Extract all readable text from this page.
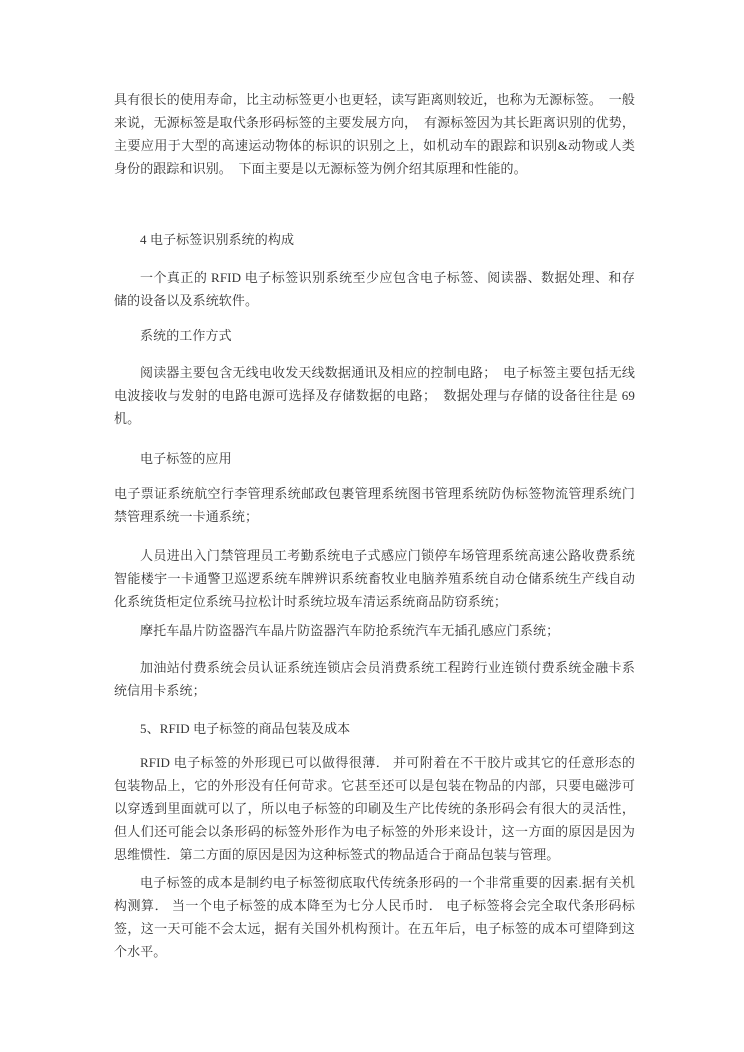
具有很长的使用寿命，比主动标签更小也更轻，读写距离则较近，也称为无源标签。　一般来说，无源标签是取代条形码标签的主要发展方向，　有源标签因为其长距离识别的优势，主要应用于大型的高速运动物体的标识的识别之上，如机动车的跟踪和识别&动物或人类身份的跟踪和识别。　下面主要是以无源标签为例介绍其原理和性能的。

4 电子标签识别系统的构成

一个真正的 RFID 电子标签识别系统至少应包含电子标签、阅读器、数据处理、和存储的设备以及系统软件。

系统的工作方式

阅读器主要包含无线电收发天线数据通讯及相应的控制电路；　电子标签主要包括无线电波接收与发射的电路电源可选择及存储数据的电路；　数据处理与存储的设备往往是 69 机。

电子标签的应用

电子票证系统航空行李管理系统邮政包裹管理系统图书管理系统防伪标签物流管理系统门禁管理系统一卡通系统；

人员进出入门禁管理员工考勤系统电子式感应门锁停车场管理系统高速公路收费系统智能楼宇一卡通警卫巡逻系统车牌辨识系统畜牧业电脑养殖系统自动仓储系统生产线自动化系统货柜定位系统马拉松计时系统垃圾车清运系统商品防窃系统；

摩托车晶片防盗器汽车晶片防盗器汽车防抢系统汽车无插孔感应门系统；

加油站付费系统会员认证系统连锁店会员消费系统工程跨行业连锁付费系统金融卡系统信用卡系统；

5、RFID 电子标签的商品包装及成本

RFID 电子标签的外形现已可以做得很薄． 并可附着在不干胶片或其它的任意形态的包装物品上，它的外形没有任何苛求。它甚至还可以是包装在物品的内部，只要电磁涉可以穿透到里面就可以了，所以电子标签的印刷及生产比传统的条形码会有很大的灵活性，但人们还可能会以条形码的标签外形作为电子标签的外形来设计，这一方面的原因是因为思维惯性．第二方面的原因是因为这种标签式的物品适合于商品包装与管理。

电子标签的成本是制约电子标签彻底取代传统条形码的一个非常重要的因素.据有关机构测算． 当一个电子标签的成本降至为七分人民币时． 电子标签将会完全取代条形码标签，这一天可能不会太远，据有关国外机构预计。在五年后，电子标签的成本可望降到这个水平。
